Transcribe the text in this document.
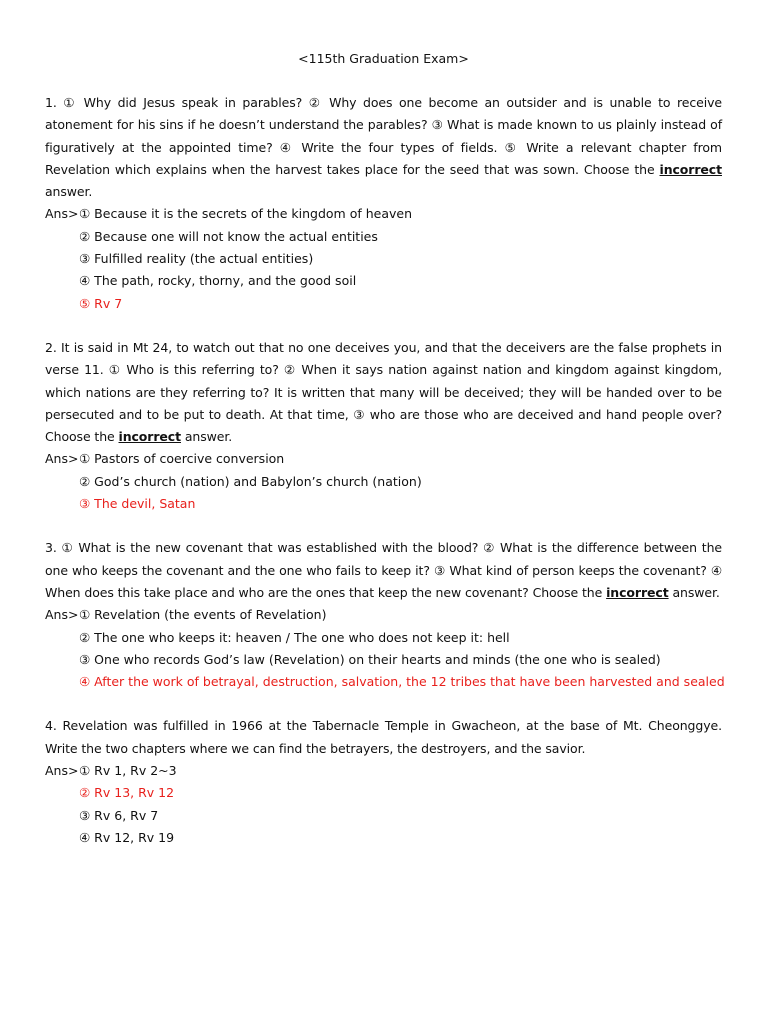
<115th Graduation Exam>

1. ① Why did Jesus speak in parables? ② Why does one become an outsider and is unable to receive atonement for his sins if he doesn’t understand the parables? ③ What is made known to us plainly instead of figuratively at the appointed time? ④ Write the four types of fields. ⑤ Write a relevant chapter from Revelation which explains when the harvest takes place for the seed that was sown. Choose the incorrect answer.

Ans>① Because it is the secrets of the kingdom of heaven
② Because one will not know the actual entities
③ Fulfilled reality (the actual entities)
④ The path, rocky, thorny, and the good soil
⑤ Rv 7

2. It is said in Mt 24, to watch out that no one deceives you, and that the deceivers are the false prophets in verse 11. ① Who is this referring to? ② When it says nation against nation and kingdom against kingdom, which nations are they referring to? It is written that many will be deceived; they will be handed over to be persecuted and to be put to death. At that time, ③ who are those who are deceived and hand people over? Choose the incorrect answer.

Ans>① Pastors of coercive conversion
② God’s church (nation) and Babylon’s church (nation)
③ The devil, Satan

3. ① What is the new covenant that was established with the blood? ② What is the difference between the one who keeps the covenant and the one who fails to keep it? ③ What kind of person keeps the covenant? ④ When does this take place and who are the ones that keep the new covenant? Choose the incorrect answer.

Ans>① Revelation (the events of Revelation)
② The one who keeps it: heaven / The one who does not keep it: hell
③ One who records God’s law (Revelation) on their hearts and minds (the one who is sealed)
④ After the work of betrayal, destruction, salvation, the 12 tribes that have been harvested and sealed

4. Revelation was fulfilled in 1966 at the Tabernacle Temple in Gwacheon, at the base of Mt. Cheonggye. Write the two chapters where we can find the betrayers, the destroyers, and the savior.

Ans>① Rv 1, Rv 2~3
② Rv 13, Rv 12
③ Rv 6, Rv 7
④ Rv 12, Rv 19
